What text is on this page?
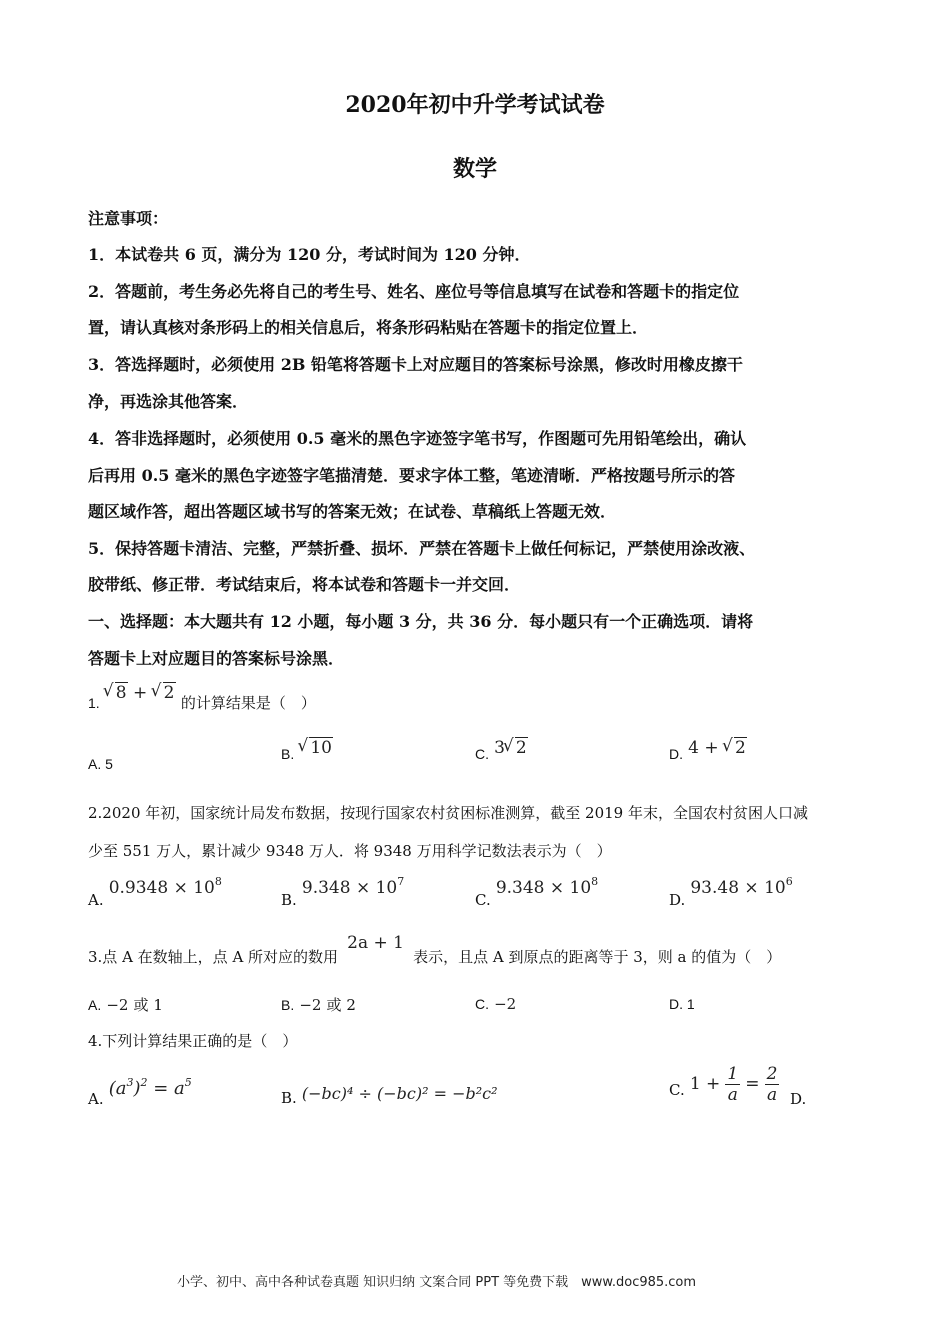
2020年初中升学考试试卷
数学
注意事项：
1．本试卷共 6 页，满分为 120 分，考试时间为 120 分钟．
2．答题前，考生务必先将自己的考生号、姓名、座位号等信息填写在试卷和答题卡的指定位
置，请认真核对条形码上的相关信息后，将条形码粘贴在答题卡的指定位置上．
3．答选择题时，必须使用 2B 铅笔将答题卡上对应题目的答案标号涂黑，修改时用橡皮擦干
净，再选涂其他答案．
4．答非选择题时，必须使用 0.5 毫米的黑色字迹签字笔书写，作图题可先用铅笔绘出，确认
后再用 0.5 毫米的黑色字迹签字笔描清楚．要求字体工整，笔迹清晰．严格按题号所示的答
题区域作答，超出答题区域书写的答案无效；在试卷、草稿纸上答题无效．
5．保持答题卡清洁、完整，严禁折叠、损坏．严禁在答题卡上做任何标记，严禁使用涂改液、
胶带纸、修正带．考试结束后，将本试卷和答题卡一并交回．
一、选择题：本大题共有 12 小题，每小题 3 分，共 36 分．每小题只有一个正确选项．请将
答题卡上对应题目的答案标号涂黑．
1. √ 8 + √ 2 的计算结果是（　）
A. 5
B. √ 10	C. 3 √ 2	D. 4 + √ 2
2.2020 年初，国家统计局发布数据，按现行国家农村贫困标准测算，截至 2019 年末，全国农村贫困人口减
少至 551 万人，累计减少 9348 万人．将 9348 万用科学记数法表示为（　）
A. $0.9348 \times 10^8$
B. $9.348 \times 10^7$
C. $9.348 \times 10^8$
D. $93.48 \times 10^6$
3.点 A 在数轴上，点 A 所对应的数用 2a + 1 表示，且点 A 到原点的距离等于 3，则 a 的值为（　）
A. −2 或 1	B. −2 或 2	C. −2	D. 1
4.下列计算结果正确的是（　）
A. $(a^3)^2 = a^5$
B. (−bc)⁴ ÷ (−bc)² = −b²c²	C. $1 + \frac{1}{a} = \frac{2}{a} D$.
小学、初中、高中各种试卷真题 知识归纳 文案合同 PPT 等免费下载　www.doc985.com
